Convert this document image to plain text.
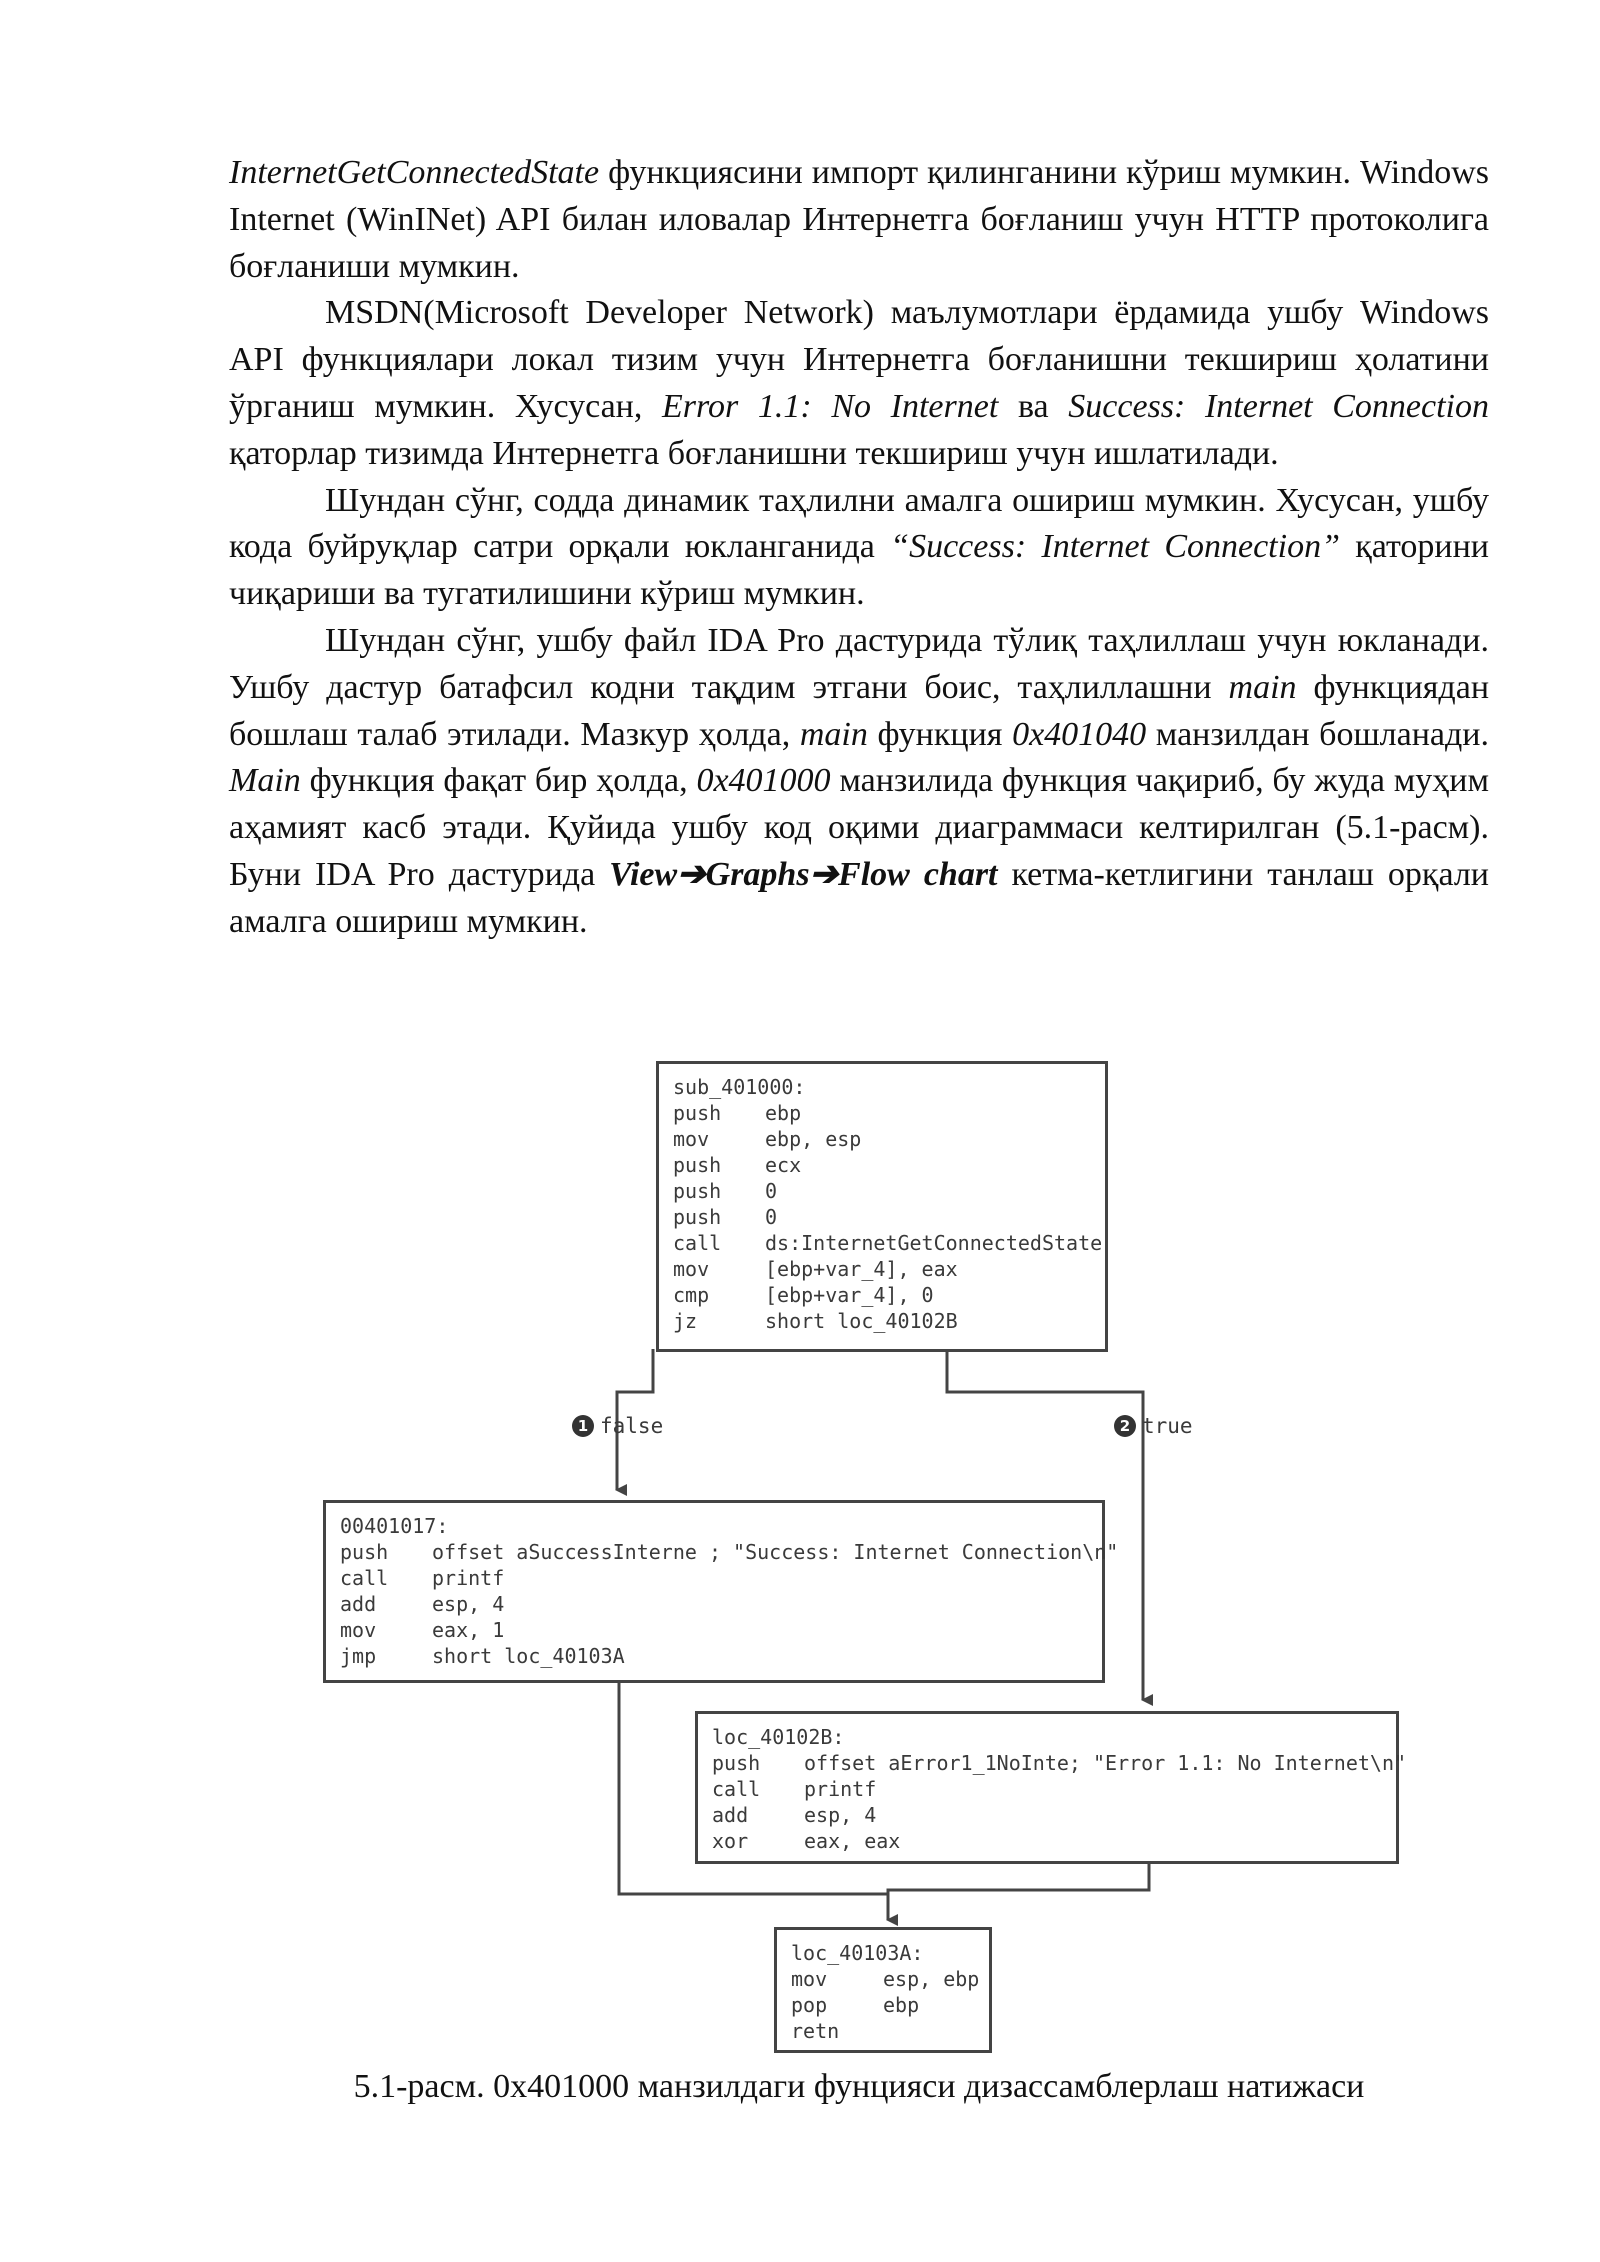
InternetGetConnectedState функциясини импорт қилинганини кўриш мумкин. Windows Internet (WinINet) API билан иловалар Интернетга боғланиш учун HTTP протоколига боғланиши мумкин.

MSDN(Microsoft Developer Network) маълумотлари ёрдамида ушбу Windows API функциялари локал тизим учун Интернетга боғланишни текшириш ҳолатини ўрганиш мумкин. Хусусан, Error 1.1: No Internet ва Success: Internet Connection қаторлар тизимда Интернетга боғланишни текшириш учун ишлатилади.

Шундан сўнг, содда динамик таҳлилни амалга ошириш мумкин. Хусусан, ушбу кода буйруқлар сатри орқали юкланганида “Success: Internet Connection” қаторини чиқариши ва тугатилишини кўриш мумкин.

Шундан сўнг, ушбу файл IDA Pro дастурида тўлиқ таҳлиллаш учун юкланади. Ушбу дастур батафсил кодни тақдим этгани боис, таҳлиллашни main функциядан бошлаш талаб этилади. Мазкур ҳолда, main функция 0x401040 манзилдан бошланади. Main функция фақат бир ҳолда, 0x401000 манзилида функция чақириб, бу жуда муҳим аҳамият касб этади. Қуйида ушбу код оқими диаграммаси келтирилган (5.1-расм). Буни IDA Pro дастурида View➔Graphs➔Flow chart кетма-кетлигини танлаш орқали амалга ошириш мумкин.

1 false	2 true
sub_401000:
push	ebp
mov	ebp, esp
push	ecx
push	0
push	0
call	ds:InternetGetConnectedState
mov	[ebp+var_4], eax
cmp	[ebp+var_4], 0
jz	short loc_40102B
00401017:
push	offset aSuccessInterne ; "Success: Internet Connection\n"
call	printf
add	esp, 4
mov	eax, 1
jmp	short loc_40103A
loc_40102B:
push	offset aError1_1NoInte; "Error 1.1: No Internet\n"
call	printf
add	esp, 4
xor	eax, eax
loc_40103A:
mov	esp, ebp
pop	ebp
retn
5.1-расм. 0x401000 манзилдаги фунцияси дизассамблерлаш натижаси
